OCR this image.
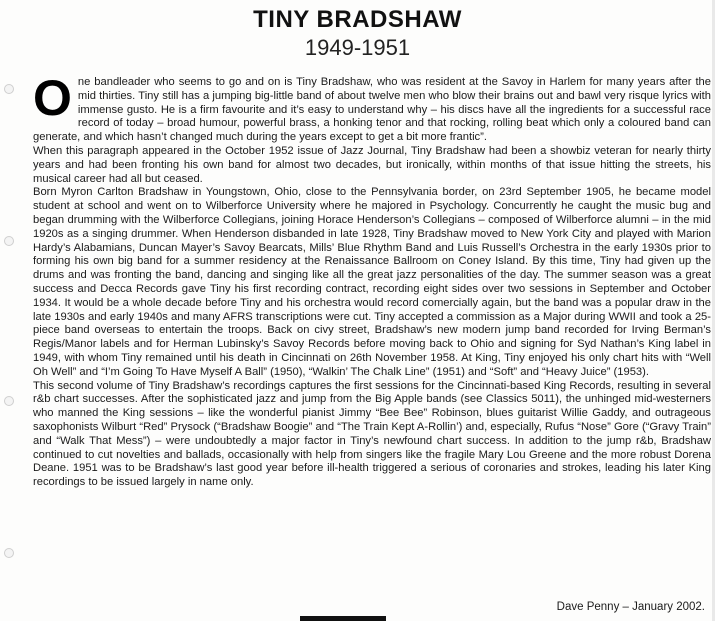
TINY BRADSHAW
1949-1951

One bandleader who seems to go and on is Tiny Bradshaw, who was resident at the Savoy in Harlem for many years after the mid thirties. Tiny still has a jumping big-little band of about twelve men who blow their brains out and bawl very risque lyrics with immense gusto. He is a firm favourite and it’s easy to understand why – his discs have all the ingredients for a successful race record of today – broad humour, powerful brass, a honking tenor and that rocking, rolling beat which only a coloured band can generate, and which hasn’t changed much during the years except to get a bit more frantic”.

When this paragraph appeared in the October 1952 issue of Jazz Journal, Tiny Bradshaw had been a showbiz veteran for nearly thirty years and had been fronting his own band for almost two decades, but ironically, within months of that issue hitting the streets, his musical career had all but ceased.

Born Myron Carlton Bradshaw in Youngstown, Ohio, close to the Pennsylvania border, on 23rd September 1905, he became model student at school and went on to Wilberforce University where he majored in Psychology. Concurrently he caught the music bug and began drumming with the Wilberforce Collegians, joining Horace Henderson’s Collegians – composed of Wilberforce alumni – in the mid 1920s as a singing drummer. When Henderson disbanded in late 1928, Tiny Bradshaw moved to New York City and played with Marion Hardy’s Alabamians, Duncan Mayer’s Savoy Bearcats, Mills’ Blue Rhythm Band and Luis Russell’s Orchestra in the early 1930s prior to forming his own big band for a summer residency at the Renaissance Ballroom on Coney Island. By this time, Tiny had given up the drums and was fronting the band, dancing and singing like all the great jazz personalities of the day. The summer season was a great success and Decca Records gave Tiny his first recording contract, recording eight sides over two sessions in September and October 1934. It would be a whole decade before Tiny and his orchestra would record comercially again, but the band was a popular draw in the late 1930s and early 1940s and many AFRS transcriptions were cut. Tiny accepted a commission as a Major during WWII and took a 25-piece band overseas to entertain the troops. Back on civy street, Bradshaw’s new modern jump band recorded for Irving Berman’s Regis/Manor labels and for Herman Lubinsky’s Savoy Records before moving back to Ohio and signing for Syd Nathan’s King label in 1949, with whom Tiny remained until his death in Cincinnati on 26th November 1958. At King, Tiny enjoyed his only chart hits with “Well Oh Well” and “I’m Going To Have Myself A Ball” (1950), “Walkin’ The Chalk Line” (1951) and “Soft” and “Heavy Juice” (1953).

This second volume of Tiny Bradshaw’s recordings captures the first sessions for the Cincinnati-based King Records, resulting in several r&b chart successes. After the sophisticated jazz and jump from the Big Apple bands (see Classics 5011), the unhinged mid-westerners who manned the King sessions – like the wonderful pianist Jimmy “Bee Bee” Robinson, blues guitarist Willie Gaddy, and outrageous saxophonists Wilburt “Red” Prysock (“Bradshaw Boogie” and “The Train Kept A-Rollin’) and, especially, Rufus “Nose” Gore (“Gravy Train” and “Walk That Mess”) – were undoubtedly a major factor in Tiny’s newfound chart success. In addition to the jump r&b, Bradshaw continued to cut novelties and ballads, occasionally with help from singers like the fragile Mary Lou Greene and the more robust Dorena Deane. 1951 was to be Bradshaw’s last good year before ill-health triggered a serious of coronaries and strokes, leading his later King recordings to be issued largely in name only.

Dave Penny – January 2002.
